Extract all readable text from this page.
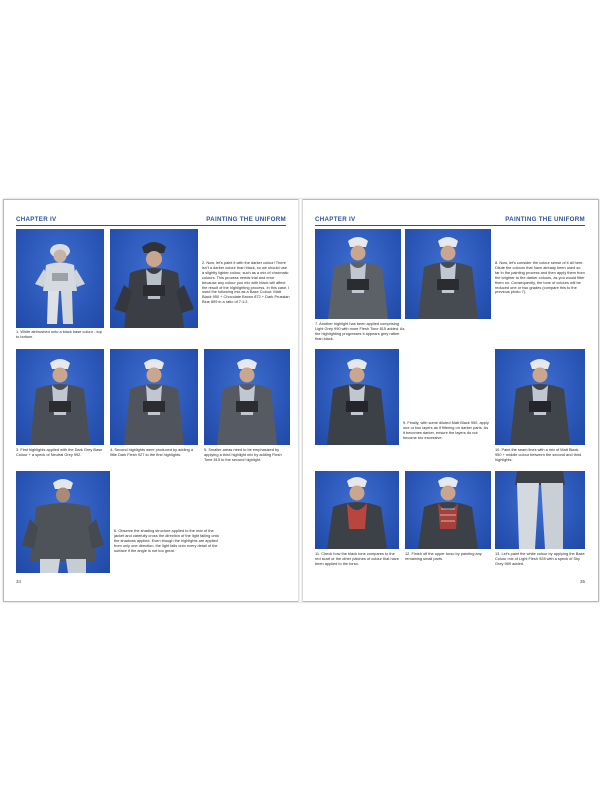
CHAPTER IV	PAINTING THE UNIFORM
2. Now, let's paint it with the darker colour! There isn't a darker colour than black, so we should use a slightly lighter colour, such as a mix of chromatic colours. This process needs trial and error because any colour you mix with black will affect the result of the highlighting process. In this case, I used the following mix as a Base Colour: Matt Black 950 + Chocolate Brown 872 + Dark Prussian Blue 899 in a ratio of 7:1:2.
1. White airbrushed onto a black base colour - top to bottom.
3. First highlights applied with the Dark Grey Base Colour + a speck of Neutral Grey 992.
4. Second highlights were produced by adding a little Dark Flesh 927 to the first highlights.
5. Smaller areas need to be emphasized by applying a third highlight mix by adding Flesh Tone 815 to the second highlight.
6. Observe the shading structure applied to the rear of the jacket and carefully cross the direction of the light falling onto the shadows applied. Even though the highlights are applied from only one direction, the light falls onto every detail of the surface if the angle is not too great.
34
CHAPTER IV	PAINTING THE UNIFORM
8. Now, let's consider the colour sense of it all here. Dilute the colours that have already been used so far in the painting process and then apply them from the brighter to the darker colours, as you would filter them on. Consequently, the tone of colours will be reduced one or two grades (compare this to the previous photo 7).
7. Another highlight has been applied comprising Light Grey 990 with more Flesh Tone 815 added. As the highlighting progresses it appears grey rather than black.
9. Finally, with some diluted Matt Black 950, apply one or two layers as if filtering on darker parts. As it becomes darker, ensure the layers do not become too excessive.
10. Paint the seam lines with a mix of Matt Black 950 + middle colour between the second and third highlights.
11. Check how the black tone compares to the red scarf or the other patches of colour that have been applied to the torso.
12. Finish off the upper torso by painting any remaining small parts.
13. Let's paint the white colour by applying the Base Colour mix of Light Flesh 928 with a speck of Sky Grey 989 added.
35
